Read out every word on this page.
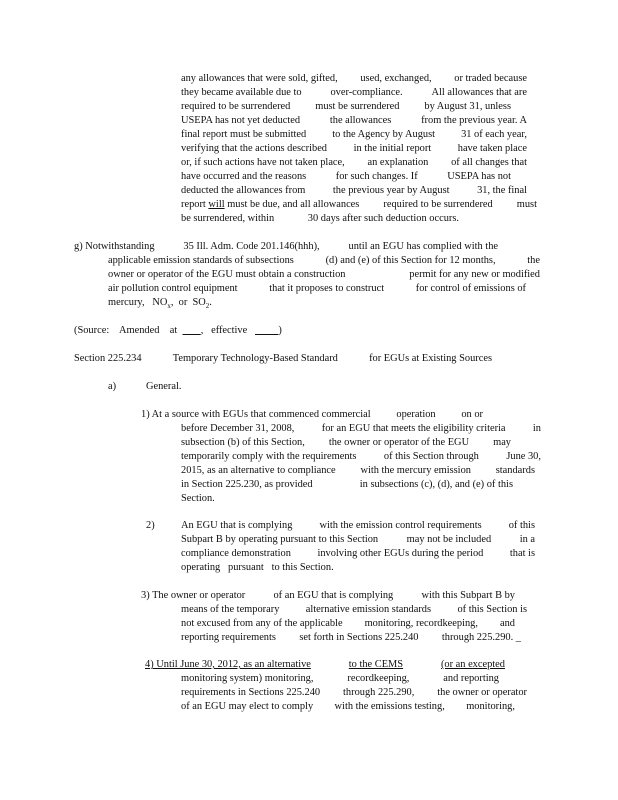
any allowances that were sold, gifted, used, exchanged, or traded because
they became available due to	over-compliance.	All allowances that are
required to be surrendered must be surrendered by August 31, unless
USEPA has not yet deducted	the allowances	from the previous year. A
final report must be submitted	to the Agency by August	31 of each year,
verifying that the actions described	in the initial report	have taken place
or, if such actions have not taken place, an explanation of all changes that
have occurred and the reasons	for such changes. If	USEPA has not
deducted the allowances from	the previous year by August	31, the final
report will must be due, and all allowances required to be surrendered must
be surrendered, within	30 days after such deduction occurs.
g) Notwithstanding	35 Ill. Adm. Code 201.146(hhh),	until an EGU has complied with the
applicable emission standards of subsections	(d) and (e) of this Section for 12 months,	the
owner or operator of the EGU must obtain a construction	permit for any new or modified
air pollution control equipment	that it proposes to construct	for control of emissions of

mercury,   $NO_x$,  or  $SO_2$.

(Source:    Amended    at         ,   effective            )

Section 225.234	Temporary Technology-Based Standard	for EGUs at Existing Sources

a)	General.

1) At a source with EGUs that commenced commercial operation on or
before December 31, 2008,	for an EGU that meets the eligibility criteria	in
subsection (b) of this Section, the owner or operator of the EGU may
temporarily comply with the requirements	of this Section through	June 30,
2015, as an alternative to compliance with the mercury emission standards
in Section 225.230, as provided	in subsections (c), (d), and (e) of this

Section.

2)	An EGU that is complying	with the emission control requirements	of this
Subpart B by operating pursuant to this Section	may not be included	in a
compliance demonstration	involving other EGUs during the period	that is

operating   pursuant   to this Section.

3) The owner or operator	of an EGU that is complying	with this Subpart B by
means of the temporary	alternative emission standards	of this Section is
not excused from any of the applicable monitoring, recordkeeping, and
reporting requirements set forth in Sections 225.240 through 225.290. _
4) Until June 30, 2012, as an alternative	to the CEMS	(or an excepted
monitoring system) monitoring,	recordkeeping,	and reporting
requirements in Sections 225.240 through 225.290, the owner or operator
of an EGU may elect to comply with the emissions testing, monitoring,
